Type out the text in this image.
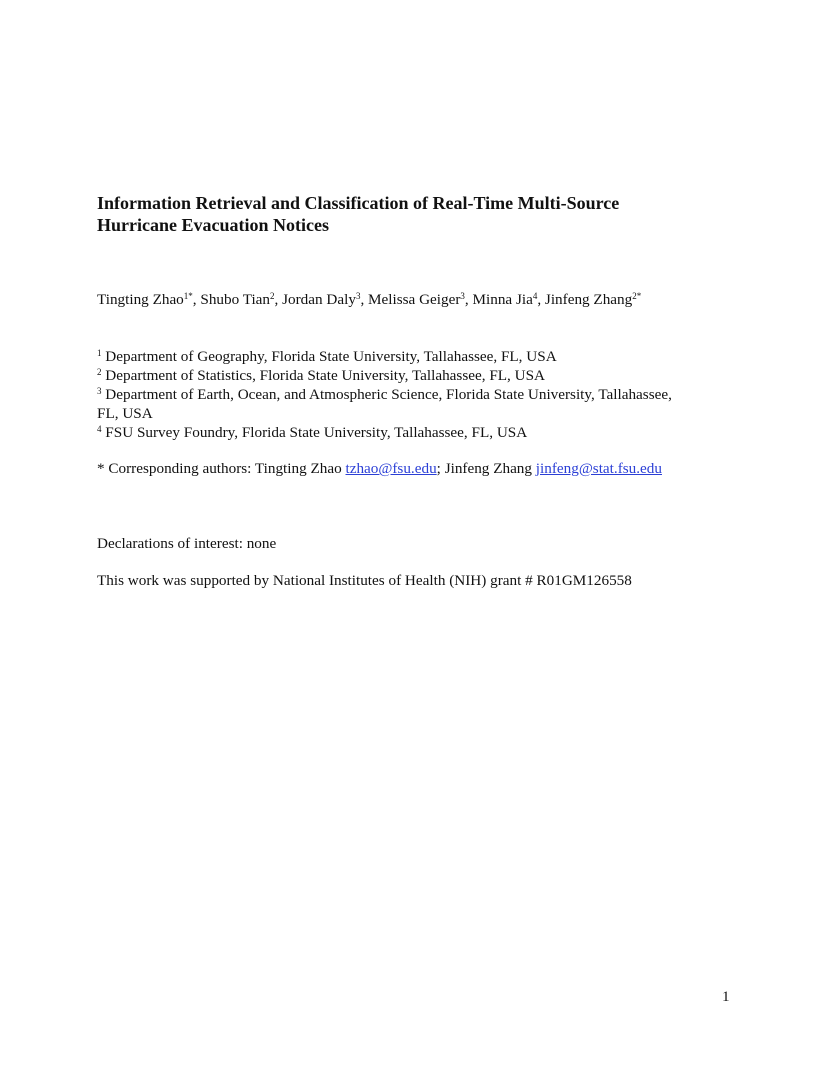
Information Retrieval and Classification of Real-Time Multi-Source
Hurricane Evacuation Notices
Tingting Zhao$^{1*}$, Shubo Tian$^2$, Jordan Daly$^3$, Melissa Geiger$^3$, Minna Jia$^4$, Jinfeng Zhang$^{2*}$
$^1$ Department of Geography, Florida State University, Tallahassee, FL, USA
$^2$ Department of Statistics, Florida State University, Tallahassee, FL, USA
$^3$ Department of Earth, Ocean, and Atmospheric Science, Florida State University, Tallahassee,
FL, USA
$^4$ FSU Survey Foundry, Florida State University, Tallahassee, FL, USA
* Corresponding authors: Tingting Zhao tzhao@fsu.edu; Jinfeng Zhang jinfeng@stat.fsu.edu
Declarations of interest: none
This work was supported by National Institutes of Health (NIH) grant # R01GM126558
1
